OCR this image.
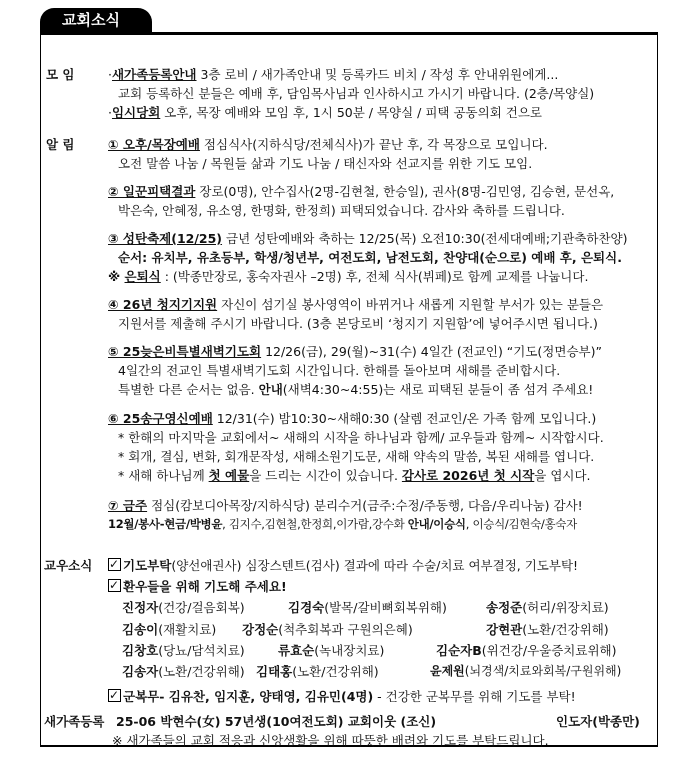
교회소식
모 임	·새가족등록안내 3층 로비 / 새가족안내 및 등록카드 비치 / 작성 후 안내위원에게...
교회 등록하신 분들은 예배 후, 담임목사님과 인사하시고 가시기 바랍니다. (2층/목양실)
·임시당회 오후, 목장 예배와 모임 후, 1시 50분 / 목양실 / 피택 공동의회 건으로
알 림	① 오후/목장예배 점심식사(지하식당/전체식사)가 끝난 후, 각 목장으로 모입니다.
오전 말씀 나눔 / 목원들 삶과 기도 나눔 / 태신자와 선교지를 위한 기도 모임.
② 일꾼피택결과 장로(0명), 안수집사(2명-김현철, 한승일), 권사(8명-김민영, 김승현, 문선옥,
박은숙, 안혜정, 유소영, 한명화, 한정희) 피택되었습니다. 감사와 축하를 드립니다.
③ 성탄축제(12/25) 금년 성탄예배와 축하는 12/25(목) 오전10:30(전세대예배;기관축하찬양)
순서: 유치부, 유초등부, 학생/청년부, 여전도회, 남전도회, 찬양대(순으로) 예배 후, 은퇴식.
※ 은퇴식 : (박종만장로, 홍숙자권사 –2명) 후, 전체 식사(뷔페)로 함께 교제를 나눕니다.
④ 26년 청지기지원 자신이 섬기실 봉사영역이 바뀌거나 새롭게 지원할 부서가 있는 분들은
지원서를 제출해 주시기 바랍니다. (3층 본당로비 ‘청지기 지원함’에 넣어주시면 됩니다.)
⑤ 25늦은비특별새벽기도회 12/26(금), 29(월)~31(수) 4일간 (전교인) “기도(정면승부)”
4일간의 전교인 특별새벽기도회 시간입니다. 한해를 돌아보며 새해를 준비합시다.
특별한 다른 순서는 없음. 안내(새벽4:30~4:55)는 새로 피택된 분들이 좀 섬겨 주세요!
⑥ 25송구영신예배 12/31(수) 밤10:30~새해0:30 (살렘 전교인/온 가족 함께 모입니다.)
* 한해의 마지막을 교회에서~ 새해의 시작을 하나님과 함께/ 교우들과 함께~ 시작합시다.
* 회개, 결심, 변화, 회개문작성, 새해소원기도문, 새해 약속의 말씀, 복된 새해를 엽니다.
* 새해 하나님께 첫 예물을 드리는 시간이 있습니다. 감사로 2026년 첫 시작을 엽시다.
⑦ 금주 점심(캄보디아목장/지하식당) 분리수거(금주:수정/주동행, 다음/우리나눔) 감사!
12월/봉사-현금/박병윤, 김지수,김현철,한정희,이가람,강수화 안내/이승식, 이승식/김현숙/홍숙자
교우소식
✓	기도부탁(양선애권사) 심장스텐트(검사) 결과에 따라 수술/치료 여부결정, 기도부탁!
✓환우들을 위해 기도해 주세요!
진정자(건강/걸음회복)	김경숙(발목/갈비뼈회복위해)	송정준(허리/위장치료)
김송이(재활치료) 강정순(척추회복과 구원의은혜)	강현관(노환/건강위해)
김창호(당뇨/담석치료)	류효순(녹내장치료)	김순자B(위건강/우울증치료위해)
김송자(노환/건강위해) 김태홍(노환/건강위해)	윤제원(뇌경색/치료와회복/구원위해)
✓군복무- 김유찬, 임지훈, 양태영, 김유민(4명) - 건강한 군복무를 위해 기도를 부탁!
새가족등록 25-06 박현수(女) 57년생(10여전도회) 교회이웃 (조신)	인도자(박종만)
※ 새가족들의 교회 적응과 신앙생활을 위해 따뜻한 배려와 기도를 부탁드립니다.
